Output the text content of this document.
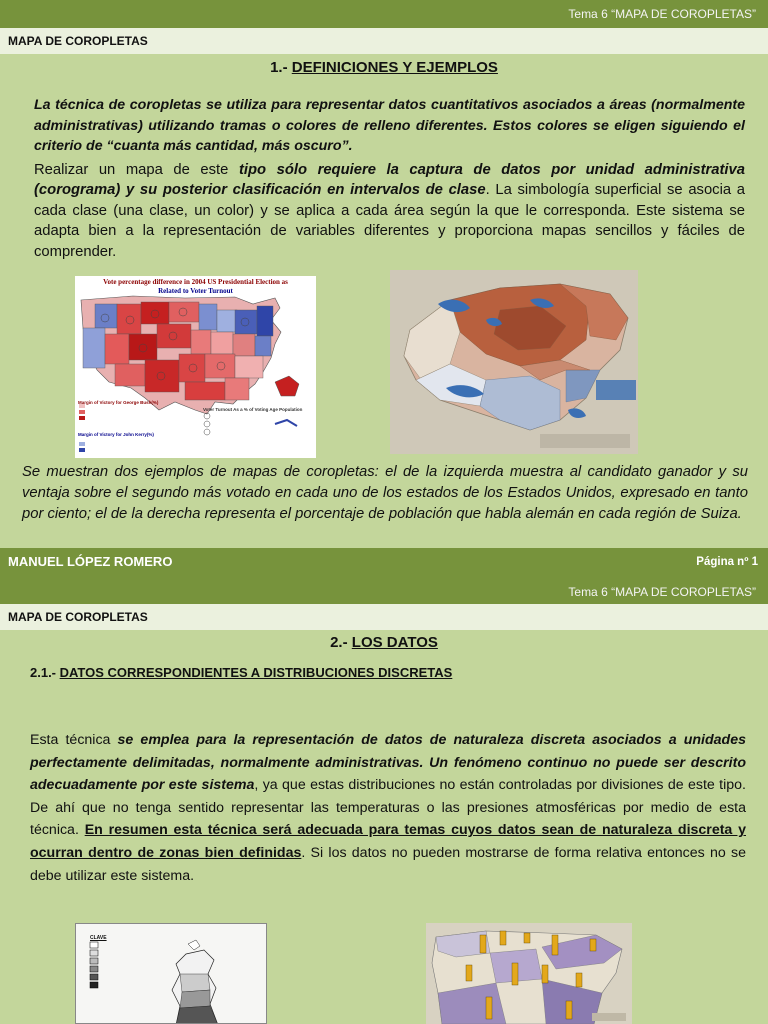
Tema 6 “MAPA DE COROPLETAS”
MAPA DE COROPLETAS
1.- DEFINICIONES Y EJEMPLOS

La técnica de coropletas se utiliza para representar datos cuantitativos asociados a áreas (normalmente administrativas) utilizando tramas o colores de relleno diferentes. Estos colores se eligen siguiendo el criterio de “cuanta más cantidad, más oscuro”.

Realizar un mapa de este tipo sólo requiere la captura de datos por unidad administrativa (corograma) y su posterior clasificación en intervalos de clase. La simbología superficial se asocia a cada clase (una clase, un color) y se aplica a cada área según la que le corresponda. Este sistema se adapta bien a la representación de variables diferentes y proporciona mapas sencillos y fáciles de comprender.

Vote percentage difference in 2004 US Presidential Election as
Related to Voter Turnout
Margin of Victory for George Bush(%)
Margin of Victory for John Kerry(%)
Voter Turnout As a % of Voting Age Population

Se muestran dos ejemplos de mapas de coropletas: el de la izquierda muestra al candidato ganador y su ventaja sobre el segundo más votado en cada uno de los estados de los Estados Unidos, expresado en tanto por ciento; el de la derecha representa el porcentaje de población que habla alemán en cada región de Suiza.

MANUEL LÓPEZ ROMERO	Página nº 1
Tema 6 “MAPA DE COROPLETAS”
MAPA DE COROPLETAS
2.- LOS DATOS
2.1.- DATOS CORRESPONDIENTES A DISTRIBUCIONES DISCRETAS

Esta técnica se emplea para la representación de datos de naturaleza discreta asociados a unidades perfectamente delimitadas, normalmente administrativas. Un fenómeno continuo no puede ser descrito adecuadamente por este sistema, ya que estas distribuciones no están controladas por divisiones de este tipo. De ahí que no tenga sentido representar las temperaturas o las presiones atmosféricas por medio de esta técnica. En resumen esta técnica será adecuada para temas cuyos datos sean de naturaleza discreta y ocurran dentro de zonas bien definidas. Si los datos no pueden mostrarse de forma relativa entonces no se debe utilizar este sistema.

CLAVE
